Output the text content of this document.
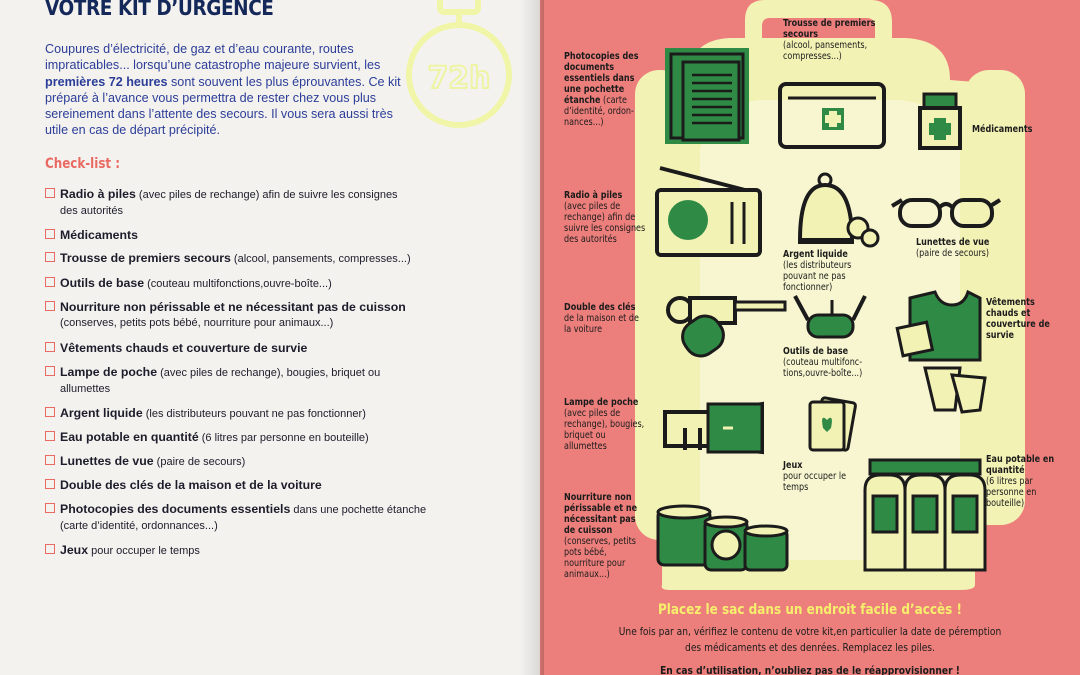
VOTRE KIT D’URGENCE
72h
Coupures d’électricité, de gaz et d’eau courante, routes impraticables... lorsqu’une catastrophe majeure survient, les premières 72 heures sont souvent les plus éprouvantes. Ce kit préparé à l’avance vous permettra de rester chez vous plus sereinement dans l’attente des secours. Il vous sera aussi très utile en cas de départ précipité.
Check-list :
Radio à piles (avec piles de rechange) afin de suivre les consignes
des autorités
Médicaments
Trousse de premiers secours (alcool, pansements, compresses...)
Outils de base (couteau multifonctions,ouvre-boîte...)
Nourriture non périssable et ne nécessitant pas de cuisson
(conserves, petits pots bébé, nourriture pour animaux...)
Vêtements chauds et couverture de survie
Lampe de poche (avec piles de rechange), bougies, briquet ou
allumettes
Argent liquide (les distributeurs pouvant ne pas fonctionner)
Eau potable en quantité (6 litres par personne en bouteille)
Lunettes de vue (paire de secours)
Double des clés de la maison et de la voiture
Photocopies des documents essentiels dans une pochette étanche
(carte d’identité, ordonnances...)
Jeux pour occuper le temps
Trousse de premiers secours
(alcool, pansements, compresses...)
Photocopies des documents essentiels dans une pochette étanche (carte d’identité, ordon-nances...)
Médicaments
Radio à piles
(avec piles de rechange) afin de suivre les consignes des autorités
Argent liquide
(les distributeurs pouvant ne pas fonctionner)
Lunettes de vue
(paire de secours)
Double des clés
de la maison et de la voiture
Vêtements chauds et couverture de survie
Outils de base
(couteau multifonc-tions,ouvre-boîte...)
Lampe de poche
(avec piles de rechange), bougies, briquet ou allumettes
Jeux
pour occuper le temps
Eau potable en quantité
(6 litres par personne en bouteille)
Nourriture non périssable et ne nécessitant pas de cuisson
(conserves, petits pots bébé, nourriture pour animaux...)
Placez le sac dans un endroit facile d’accès !
Une fois par an, vérifiez le contenu de votre kit,en particulier la date de péremption
des médicaments et des denrées. Remplacez les piles.
En cas d’utilisation, n’oubliez pas de le réapprovisionner !
